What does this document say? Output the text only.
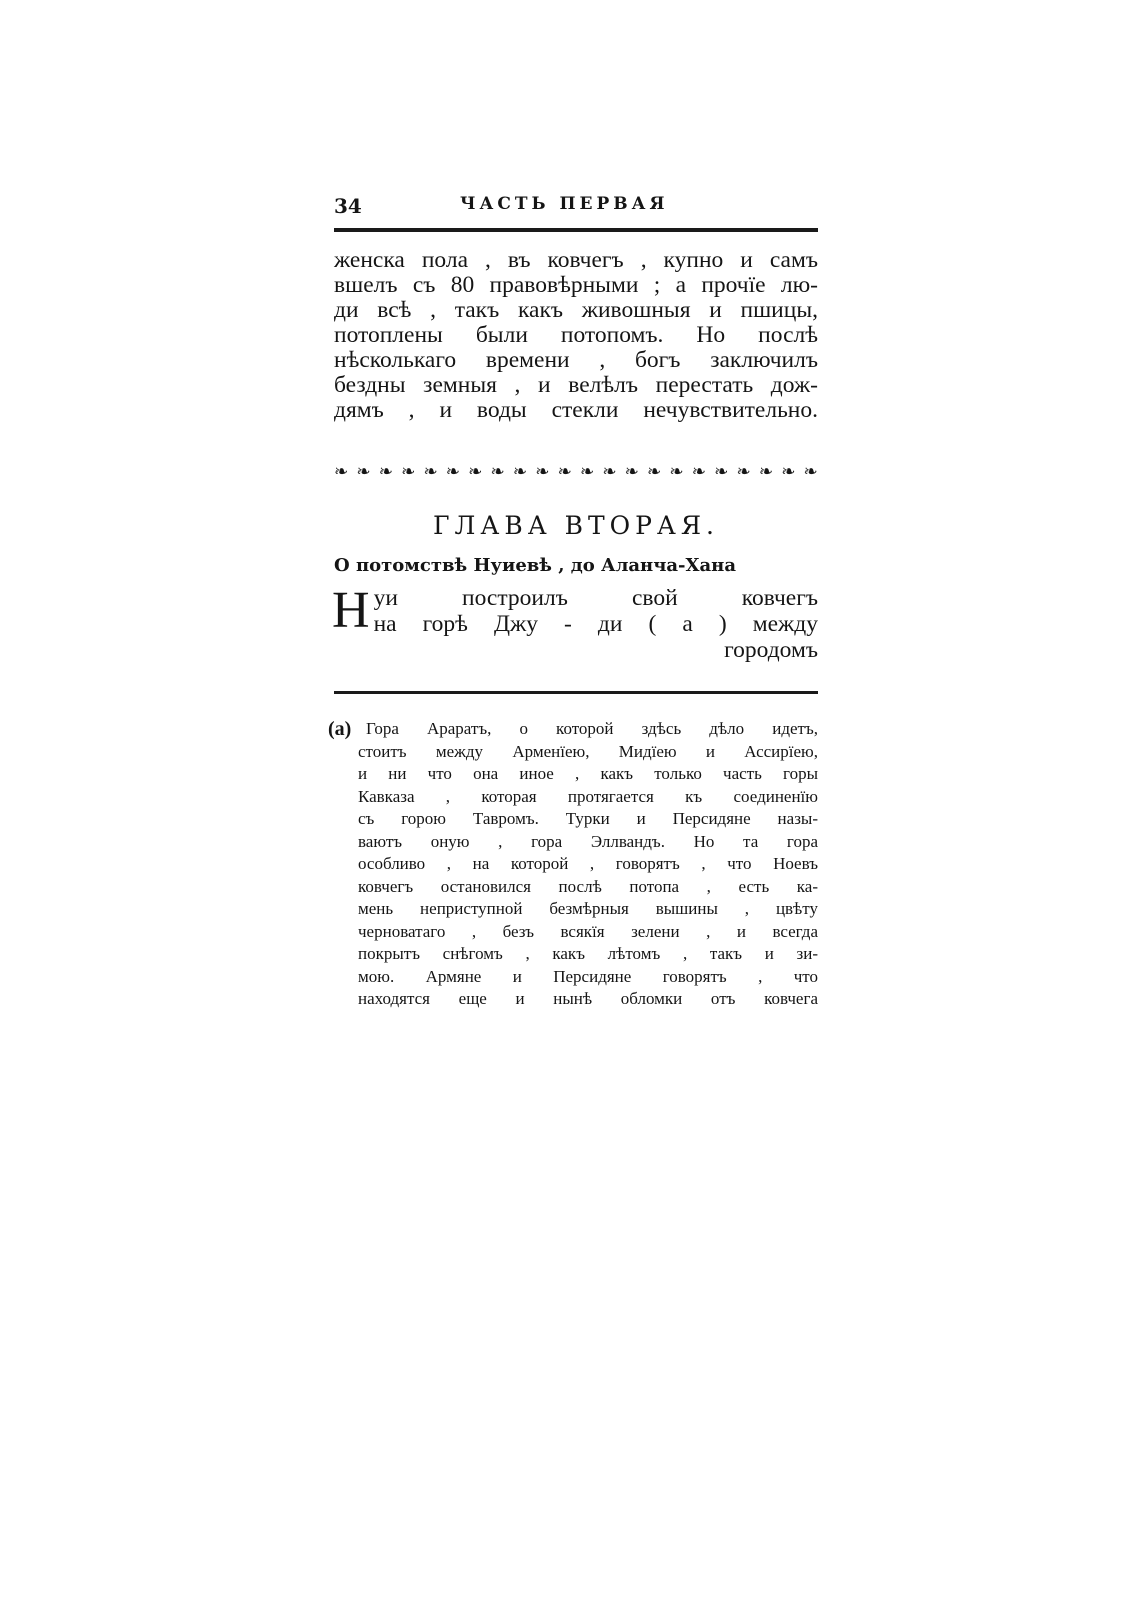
34	ЧАСТЬ ПЕРВАЯ
женска пола , въ ковчегъ , купно и самъ
вшелъ съ 80 правовѣрными ; а прочїе лю-
ди всѣ , такъ какъ живошныя и пшицы,
потоплены были потопомъ. Но послѣ
нѣсколькаго времени , богъ заключилъ
бездны земныя , и велѣлъ перестать дож-
дямъ , и воды стекли нечувствительно.
❧ ❧ ❧ ❧ ❧ ❧ ❧ ❧ ❧ ❧ ❧ ❧ ❧ ❧ ❧ ❧ ❧ ❧ ❧ ❧ ❧ ❧
ГЛАВА ВТОРАЯ.
О потомствѣ Нуиевѣ , до Аланча-Хана
Н уи построилъ свой ковчегъ
на горѣ Джу - ди ( а ) между
городомъ
(а) Гора Араратъ, о которой здѣсь дѣло идетъ,
стоитъ между Арменїею, Мидїею и Ассирїею,
и ни что она иное , какъ только часть горы
Кавказа , которая протягается къ соединенїю
съ горою Тавромъ. Турки и Персидяне назы-
ваютъ оную , гора Эллвандъ. Но та гора
особливо , на которой , говорятъ , что Ноевъ
ковчегъ остановился послѣ потопа , есть ка-
мень неприступной безмѣрныя вышины , цвѣту
черноватаго , безъ всякїя зелени , и всегда
покрытъ снѣгомъ , какъ лѣтомъ , такъ и зи-
мою. Армяне и Персидяне говорятъ , что
находятся еще и нынѣ обломки отъ ковчега
